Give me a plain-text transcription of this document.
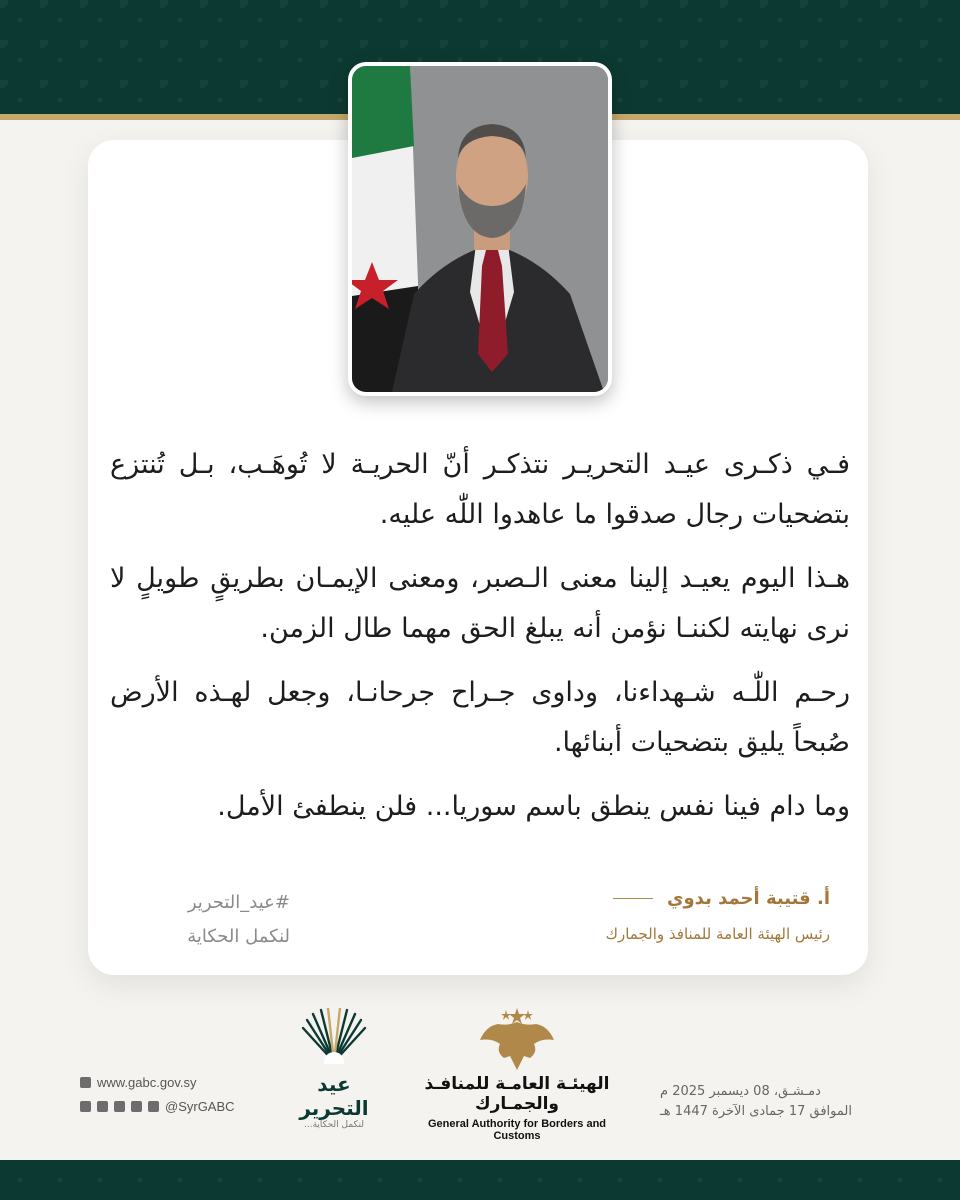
فـي ذكـرى عيـد التحريـر نتذكـر أنّ الحريـة لا تُوهَـب، بـل تُنتزع بتضحيات رجال صدقوا ما عاهدوا اللّٰه عليه.

هـذا اليوم يعيـد إلينا معنى الـصبر، ومعنى الإيمـان بطريقٍ طويلٍ لا نرى نهايته لكننـا نؤمن أنه يبلغ الحق مهما طال الزمن.

رحـم اللّٰـه شـهداءنا، وداوى جـراح جرحانـا، وجعل لهـذه الأرض صُبحاً يليق بتضحيات أبنائها.

وما دام فينا نفس ينطق باسم سوريا... فلن ينطفئ الأمل.

أ. قتيبة أحمد بدوي
رئيس الهيئة العامة للمنافذ والجمارك
#عيد_التحرير
لنكمل الحكاية
الهيئـة العامـة للمنافـذ والجمـارك
General Authority for Borders and Customs
عيد التحرير
لنكمل الحكاية...
www.gabc.gov.sy
@SyrGABC
دمـشـق، 08 ديسمبر 2025 م
الموافق 17 جمادى الآخرة 1447 هـ
